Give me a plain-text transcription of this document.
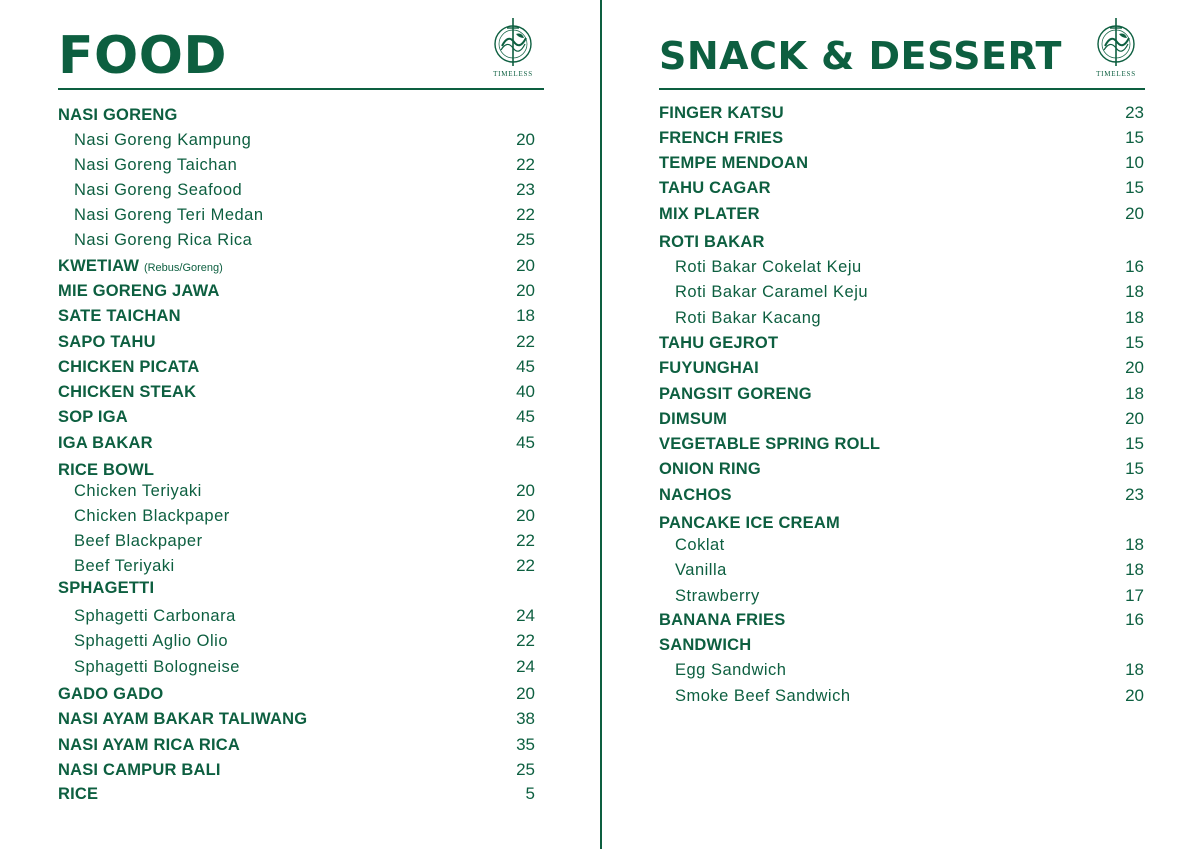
FOOD	TIMELESS
NASI GORENG
Nasi Goreng Kampung	20
Nasi Goreng Taichan	22
Nasi Goreng Seafood	23
Nasi Goreng Teri Medan	22
Nasi Goreng Rica Rica	25
KWETIAW (Rebus/Goreng)	20
MIE GORENG JAWA	20
SATE TAICHAN	18
SAPO TAHU	22
CHICKEN PICATA	45
CHICKEN STEAK	40
SOP IGA	45
IGA BAKAR	45
RICE BOWL
Chicken Teriyaki	20
Chicken Blackpaper	20
Beef Blackpaper	22
Beef Teriyaki	22
SPHAGETTI
Sphagetti Carbonara	24
Sphagetti Aglio Olio	22
Sphagetti Bologneise	24
GADO GADO	20
NASI AYAM BAKAR TALIWANG	38
NASI AYAM RICA RICA	35
NASI CAMPUR BALI	25
RICE	5
SNACK & DESSERT	TIMELESS
FINGER KATSU	23
FRENCH FRIES	15
TEMPE MENDOAN	10
TAHU CAGAR	15
MIX PLATER	20
ROTI BAKAR
Roti Bakar Cokelat Keju	16
Roti Bakar Caramel Keju	18
Roti Bakar Kacang	18
TAHU GEJROT	15
FUYUNGHAI	20
PANGSIT GORENG	18
DIMSUM	20
VEGETABLE SPRING ROLL	15
ONION RING	15
NACHOS	23
PANCAKE ICE CREAM
Coklat	18
Vanilla	18
Strawberry	17
BANANA FRIES	16
SANDWICH
Egg Sandwich	18
Smoke Beef Sandwich	20
